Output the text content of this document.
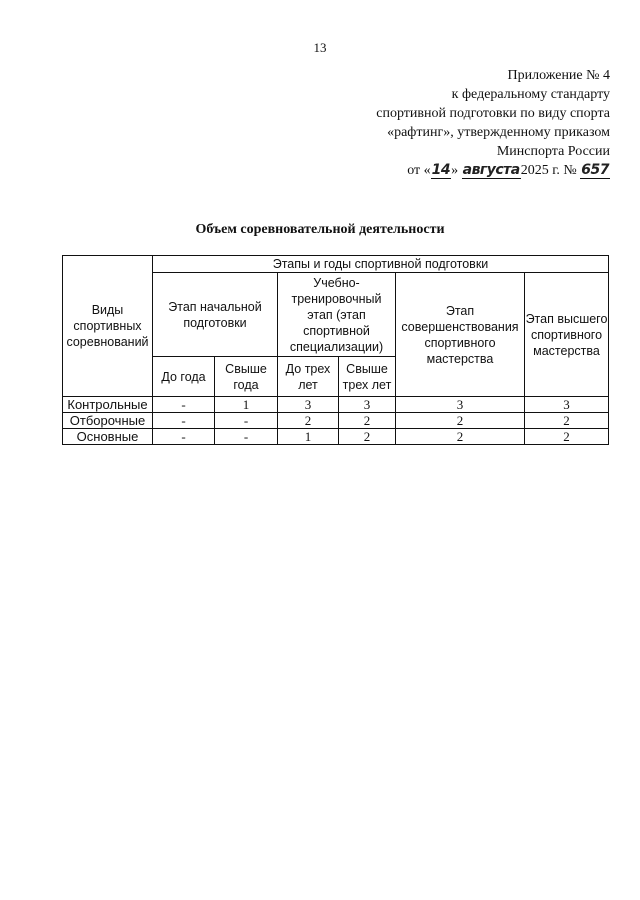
13
Приложение № 4
к федеральному стандарту
спортивной подготовки по виду спорта
«рафтинг», утвержденному приказом
Минспорта России
от «14» августа2025 г. № 657
Объем соревновательной деятельности
Виды спортивных соревнований	Этапы и годы спортивной подготовки					
	Этап начальной подготовки		Учебно-тренировочный этап (этап спортивной специализации)		Этап совершенствования спортивного мастерства	Этап высшего спортивного мастерства
	До года	Свыше года	До трех лет	Свыше трех лет		
Контрольные	-	1	3	3	3	3
Отборочные	-	-	2	2	2	2
Основные	-	-	1	2	2	2
